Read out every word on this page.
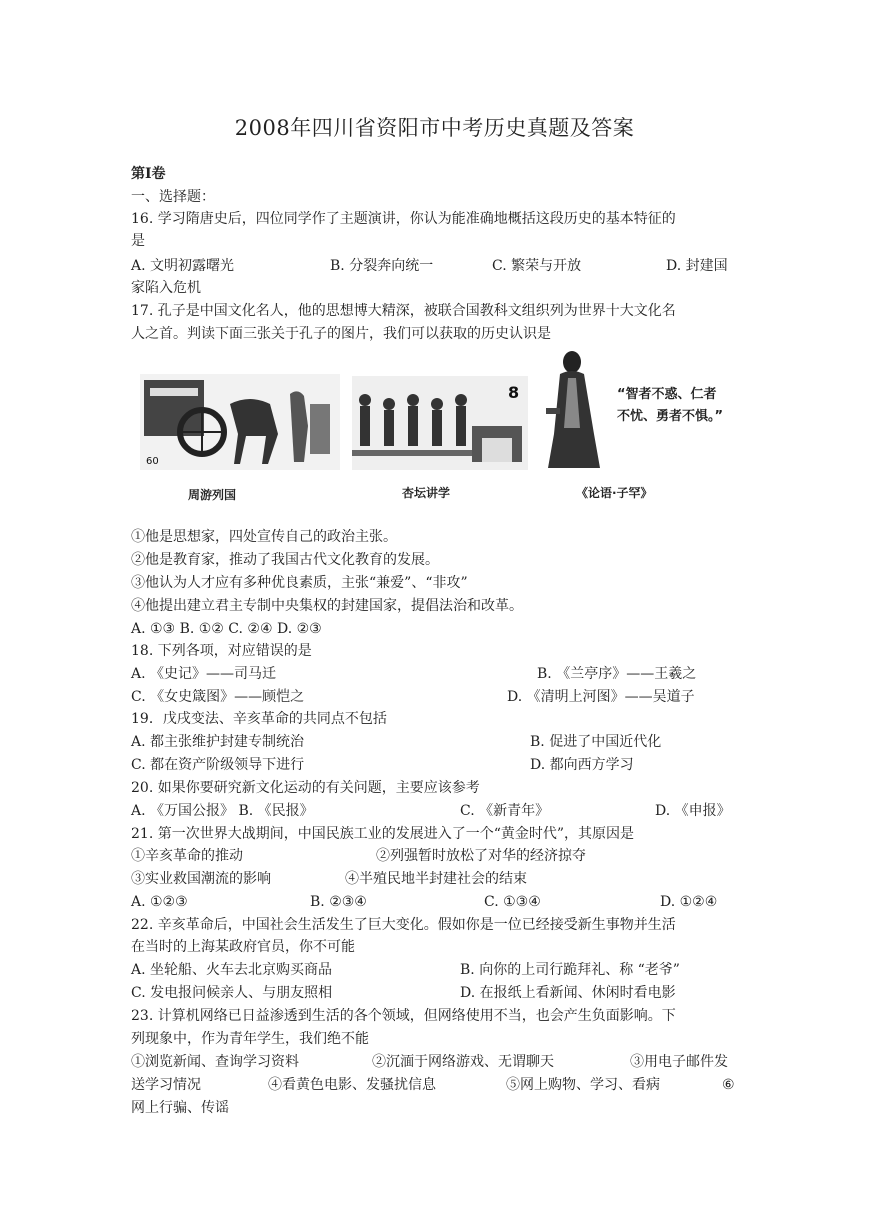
2008年四川省资阳市中考历史真题及答案
第Ⅰ卷
一、选择题：
16. 学习隋唐史后，四位同学作了主题演讲，你认为能准确地概括这段历史的基本特征的
是
A. 文明初露曙光	B. 分裂奔向统一	C. 繁荣与开放	D. 封建国
家陷入危机
17. 孔子是中国文化名人，他的思想博大精深，被联合国教科文组织列为世界十大文化名
人之首。判读下面三张关于孔子的图片，我们可以获取的历史认识是
60
8	“智者不惑、仁者
不忧、勇者不惧。”
周游列国	杏坛讲学	《论语·子罕》
①他是思想家，四处宣传自己的政治主张。
②他是教育家，推动了我国古代文化教育的发展。
③他认为人才应有多种优良素质，主张“兼爱”、“非攻”
④他提出建立君主专制中央集权的封建国家，提倡法治和改革。
A. ①③ B. ①② C. ②④ D. ②③
18. 下列各项，对应错误的是
A. 《史记》——司马迁	B. 《兰亭序》——王羲之
C. 《女史箴图》——顾恺之	D. 《清明上河图》——吴道子
19．戊戌变法、辛亥革命的共同点不包括
A. 都主张维护封建专制统治	B. 促进了中国近代化
C. 都在资产阶级领导下进行	D. 都向西方学习
20. 如果你要研究新文化运动的有关问题，主要应该参考
A. 《万国公报》 B. 《民报》	C. 《新青年》	D. 《申报》
21. 第一次世界大战期间，中国民族工业的发展进入了一个“黄金时代”，其原因是
①辛亥革命的推动	②列强暂时放松了对华的经济掠夺
③实业救国潮流的影响	④半殖民地半封建社会的结束
A. ①②③	B. ②③④	C. ①③④	D. ①②④
22. 辛亥革命后，中国社会生活发生了巨大变化。假如你是一位已经接受新生事物并生活
在当时的上海某政府官员，你不可能
A. 坐轮船、火车去北京购买商品	B. 向你的上司行跪拜礼、称 “老爷”
C. 发电报问候亲人、与朋友照相	D. 在报纸上看新闻、休闲时看电影
23. 计算机网络已日益渗透到生活的各个领域，但网络使用不当，也会产生负面影响。下
列现象中，作为青年学生，我们绝不能
①浏览新闻、查询学习资料	②沉湎于网络游戏、无谓聊天	③用电子邮件发
送学习情况	④看黄色电影、发骚扰信息	⑤网上购物、学习、看病	⑥
网上行骗、传谣
